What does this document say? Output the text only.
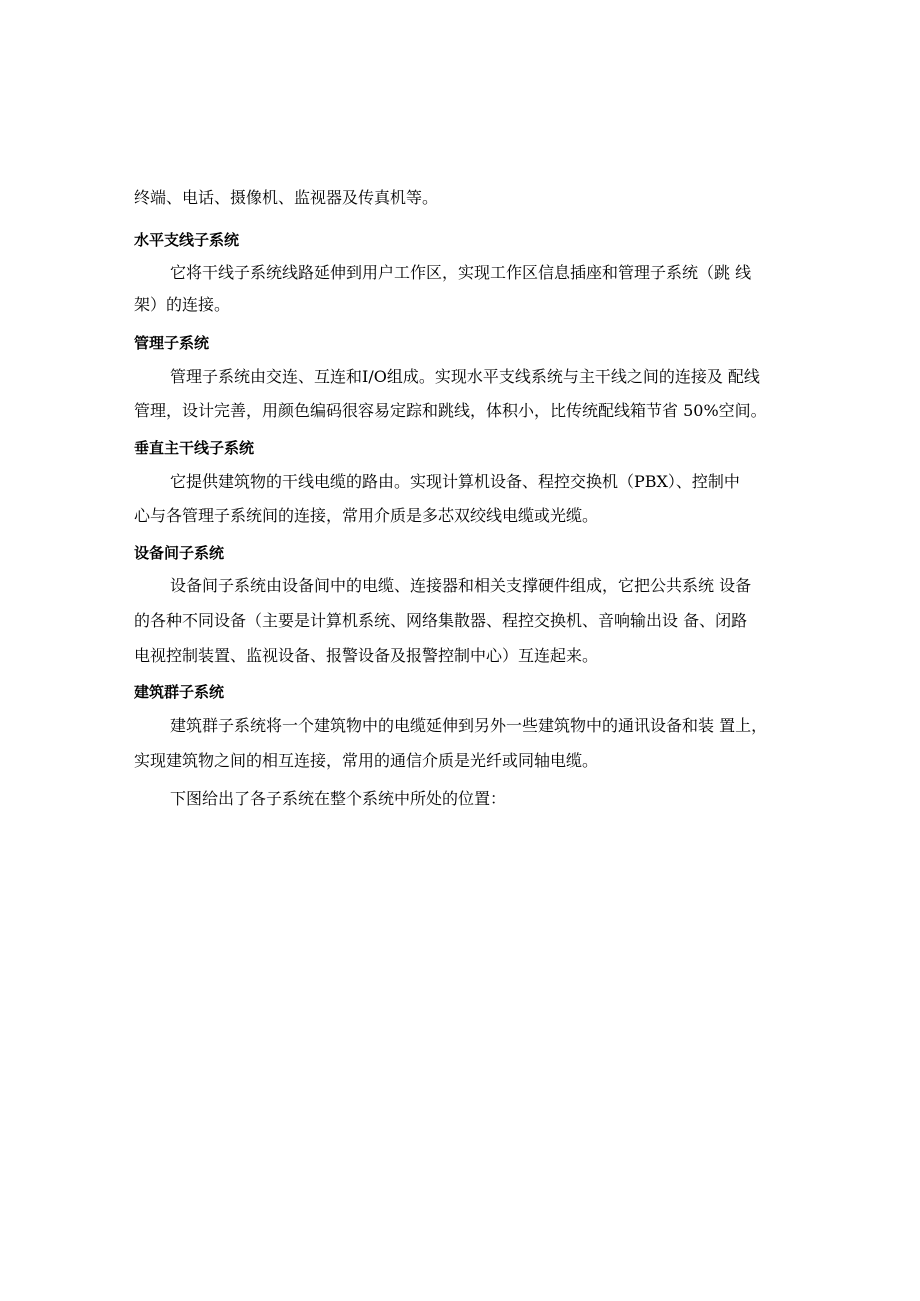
终端、电话、摄像机、监视器及传真机等。
水平支线子系统
它将干线子系统线路延伸到用户工作区，实现工作区信息插座和管理子系统（跳 线
架）的连接。
管理子系统
管理子系统由交连、互连和I/O组成。实现水平支线系统与主干线之间的连接及 配线
管理，设计完善，用颜色编码很容易定踪和跳线，体积小，比传统配线箱节省 50%空间。
垂直主干线子系统
它提供建筑物的干线电缆的路由。实现计算机设备、程控交换机（PBX）、控制中
心与各管理子系统间的连接，常用介质是多芯双绞线电缆或光缆。
设备间子系统
设备间子系统由设备间中的电缆、连接器和相关支撑硬件组成，它把公共系统 设备
的各种不同设备（主要是计算机系统、网络集散器、程控交换机、音响输出设 备、闭路
电视控制装置、监视设备、报警设备及报警控制中心）互连起来。
建筑群子系统
建筑群子系统将一个建筑物中的电缆延伸到另外一些建筑物中的通讯设备和装 置上，
实现建筑物之间的相互连接，常用的通信介质是光纤或同轴电缆。
下图给出了各子系统在整个系统中所处的位置：
